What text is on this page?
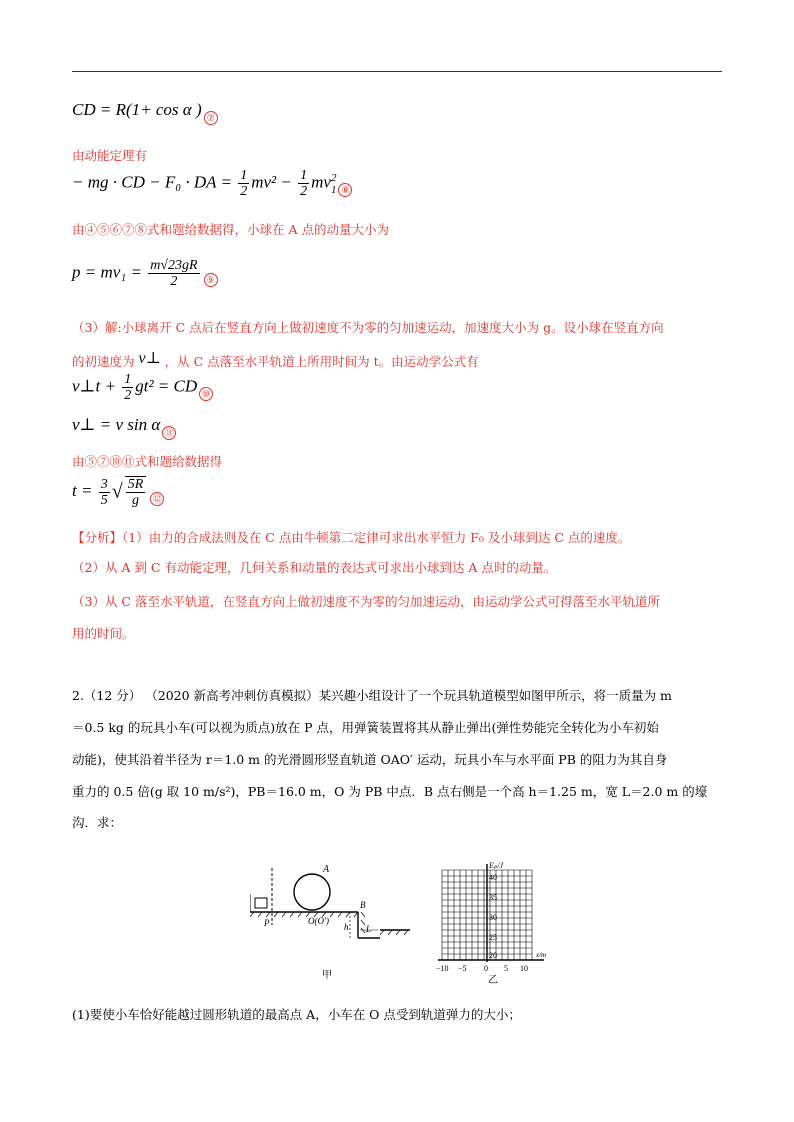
CD = R(1+ cos α ) ⑦
由动能定理有
− mg · CD − F₀ · DA = $\frac{1}{2} mv^2 - \frac{1}{2}$ mv 2
1 ⑧
由④⑤⑥⑦⑧式和题给数据得，小球在 A 点的动量大小为
$p = mv_1 = \frac{m√23gR}{2}$ ⑨
（3）解:小球离开 C 点后在竖直方向上做初速度不为零的匀加速运动，加速度大小为 g。设小球在竖直方向
的初速度为 v⊥ ，从 C 点落至水平轨道上所用时间为 t。由运动学公式有
v⊥t + $\frac{1}{2} gt^2$ = CD ⑩
v⊥ = v sin α ⑪
由⑤⑦⑩⑪式和题给数据得
$t = \frac{3}{5}$ √ $\frac{5R}{g}$ ⑫
【分析】（1）由力的合成法则及在 C 点由牛顿第二定律可求出水平恒力 F₀ 及小球到达 C 点的速度。
（2）从 A 到 C 有动能定理，几何关系和动量的表达式可求出小球到达 A 点时的动量。
（3）从 C 落至水平轨道，在竖直方向上做初速度不为零的匀加速运动，由运动学公式可得落至水平轨道所
用的时间。
2.（12 分） （2020 新高考冲刺仿真模拟）某兴趣小组设计了一个玩具轨道模型如图甲所示，将一质量为 m
＝0.5 kg 的玩具小车(可以视为质点)放在 P 点，用弹簧装置将其从静止弹出(弹性势能完全转化为小车初始
动能)，使其沿着半径为 r＝1.0 m 的光滑圆形竖直轨道 OAO′ 运动，玩具小车与水平面 PB 的阻力为其自身
重力的 0.5 倍(g 取 10 m/s²)，PB＝16.0 m，O 为 PB 中点．B 点右侧是一个高 h＝1.25 m，宽 L＝2.0 m 的壕
沟．求：
A
P	O(O′)
B
h L
甲
Eₚ/J
x/m
40
35
30
25
20
−10 −5 0 5 10
乙
(1)要使小车恰好能越过圆形轨道的最高点 A，小车在 O 点受到轨道弹力的大小；
